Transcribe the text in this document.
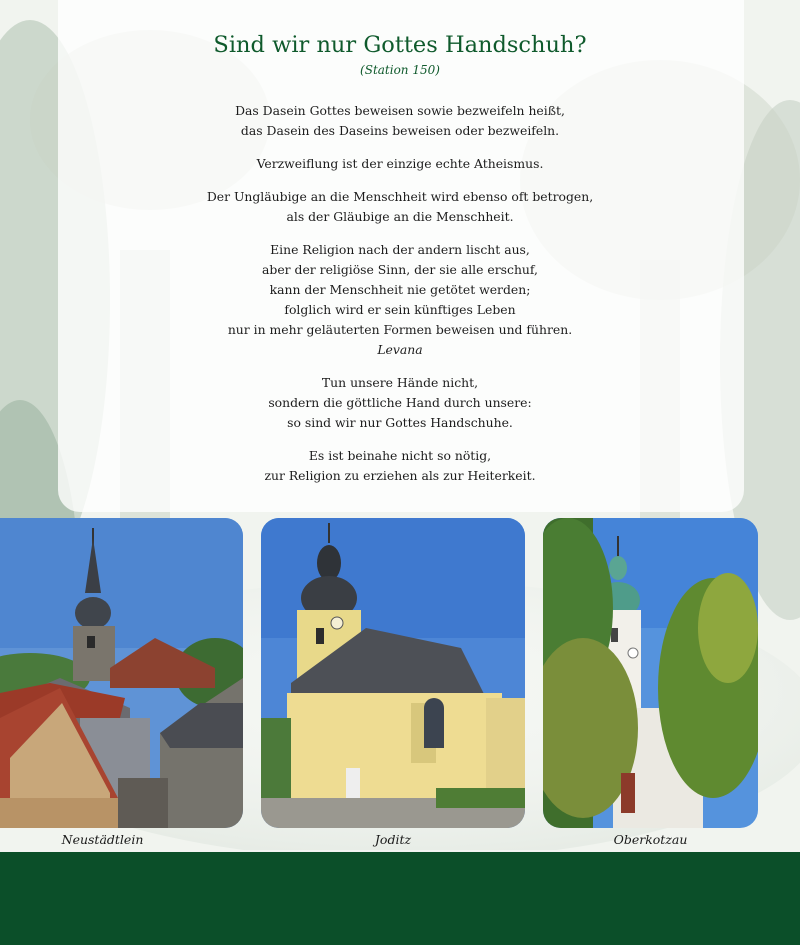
Sind wir nur Gottes Handschuh?
(Station 150)

Das Dasein Gottes beweisen sowie bezweifeln heißt,
das Dasein des Daseins beweisen oder bezweifeln.

Verzweiflung ist der einzige echte Atheismus.

Der Ungläubige an die Menschheit wird ebenso oft betrogen,
als der Gläubige an die Menschheit.

Eine Religion nach der andern lischt aus,
aber der religiöse Sinn, der sie alle erschuf,
kann der Menschheit nie getötet werden;
folglich wird er sein künftiges Leben
nur in mehr geläuterten Formen beweisen und führen.
Levana

Tun unsere Hände nicht,
sondern die göttliche Hand durch unsere:
so sind wir nur Gottes Handschuhe.

Es ist beinahe nicht so nötig,
zur Religion zu erziehen als zur Heiterkeit.

Neustädtlein	Joditz	Oberkotzau
